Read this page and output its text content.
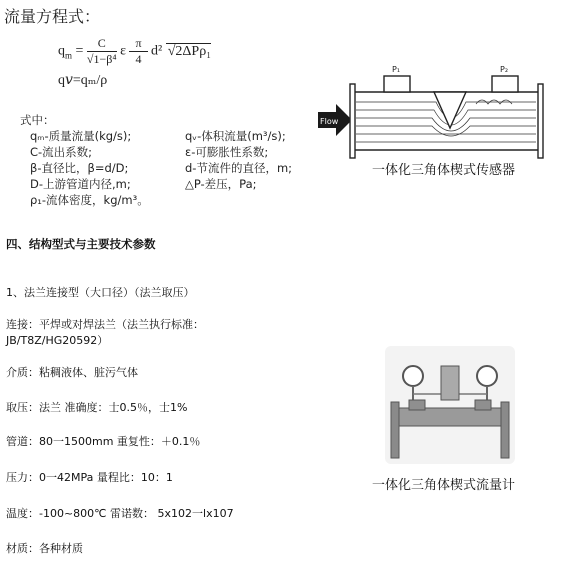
流量方程式：
$q_m = \frac{C}{\text{√1−β⁴}}$ ε $\frac{\pi}{4} d^2$ √2ΔPρ₁
q𝑣=qₘ/ρ
式中：
qₘ-质量流量(kg/s);	qᵥ-体积流量(m³/s);
C-流出系数;	ε-可膨胀性系数;
β-直径比，β=d/D;	d-节流件的直径，m;
D-上游管道内径,m;	△P-差压，Pa;
ρ₁-流体密度，kg/m³。
Flow
P₁	P₂
一体化三角体楔式传感器
四、结构型式与主要技术参数
1、法兰连接型（大口径）（法兰取压）
连接：平焊或对焊法兰（法兰执行标准：
JB/T8Z/HG20592）
介质：粘稠液体、脏污气体
取压：法兰 准确度：士0.5％，士1%
管道：80一1500mm 重复性：＋0.1％
压力：0一42MPa 量程比：10：1
温度：-100~800℃ 雷诺数： 5x102一lx107
材质：各种材质
一体化三角体楔式流量计
